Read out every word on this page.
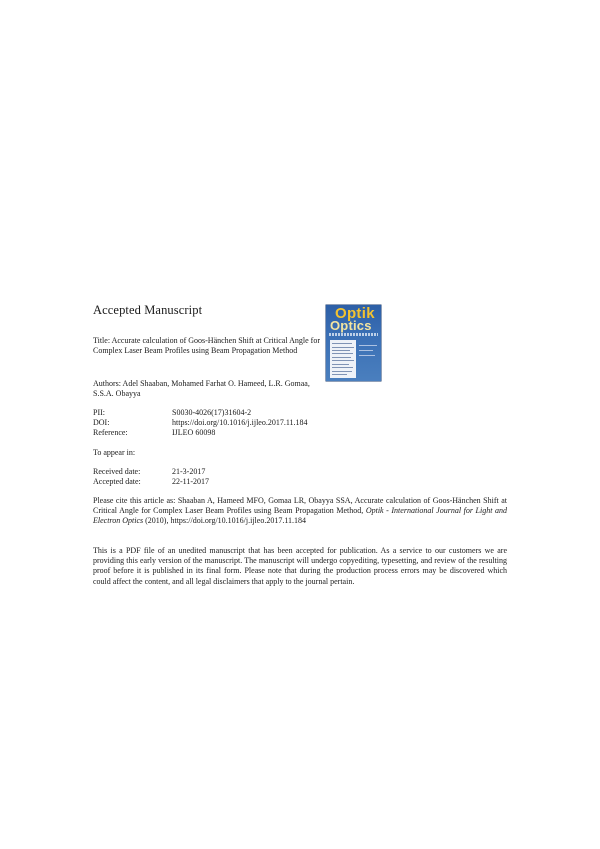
Accepted Manuscript	Optik
Optics
Title: Accurate calculation of Goos-Hänchen Shift at Critical Angle for Complex Laser Beam Profiles using Beam Propagation Method
Authors: Adel Shaaban, Mohamed Farhat O. Hameed, L.R. Gomaa, S.S.A. Obayya
PII:	S0030-4026(17)31604-2
DOI:	https://doi.org/10.1016/j.ijleo.2017.11.184
Reference:	IJLEO 60098
To appear in:
Received date:	21-3-2017
Accepted date:	22-11-2017
Please cite this article as: Shaaban A, Hameed MFO, Gomaa LR, Obayya SSA, Accurate calculation of Goos-Hänchen Shift at Critical Angle for Complex Laser Beam Profiles using Beam Propagation Method, Optik - International Journal for Light and Electron Optics (2010), https://doi.org/10.1016/j.ijleo.2017.11.184
This is a PDF file of an unedited manuscript that has been accepted for publication. As a service to our customers we are providing this early version of the manuscript. The manuscript will undergo copyediting, typesetting, and review of the resulting proof before it is published in its final form. Please note that during the production process errors may be discovered which could affect the content, and all legal disclaimers that apply to the journal pertain.
